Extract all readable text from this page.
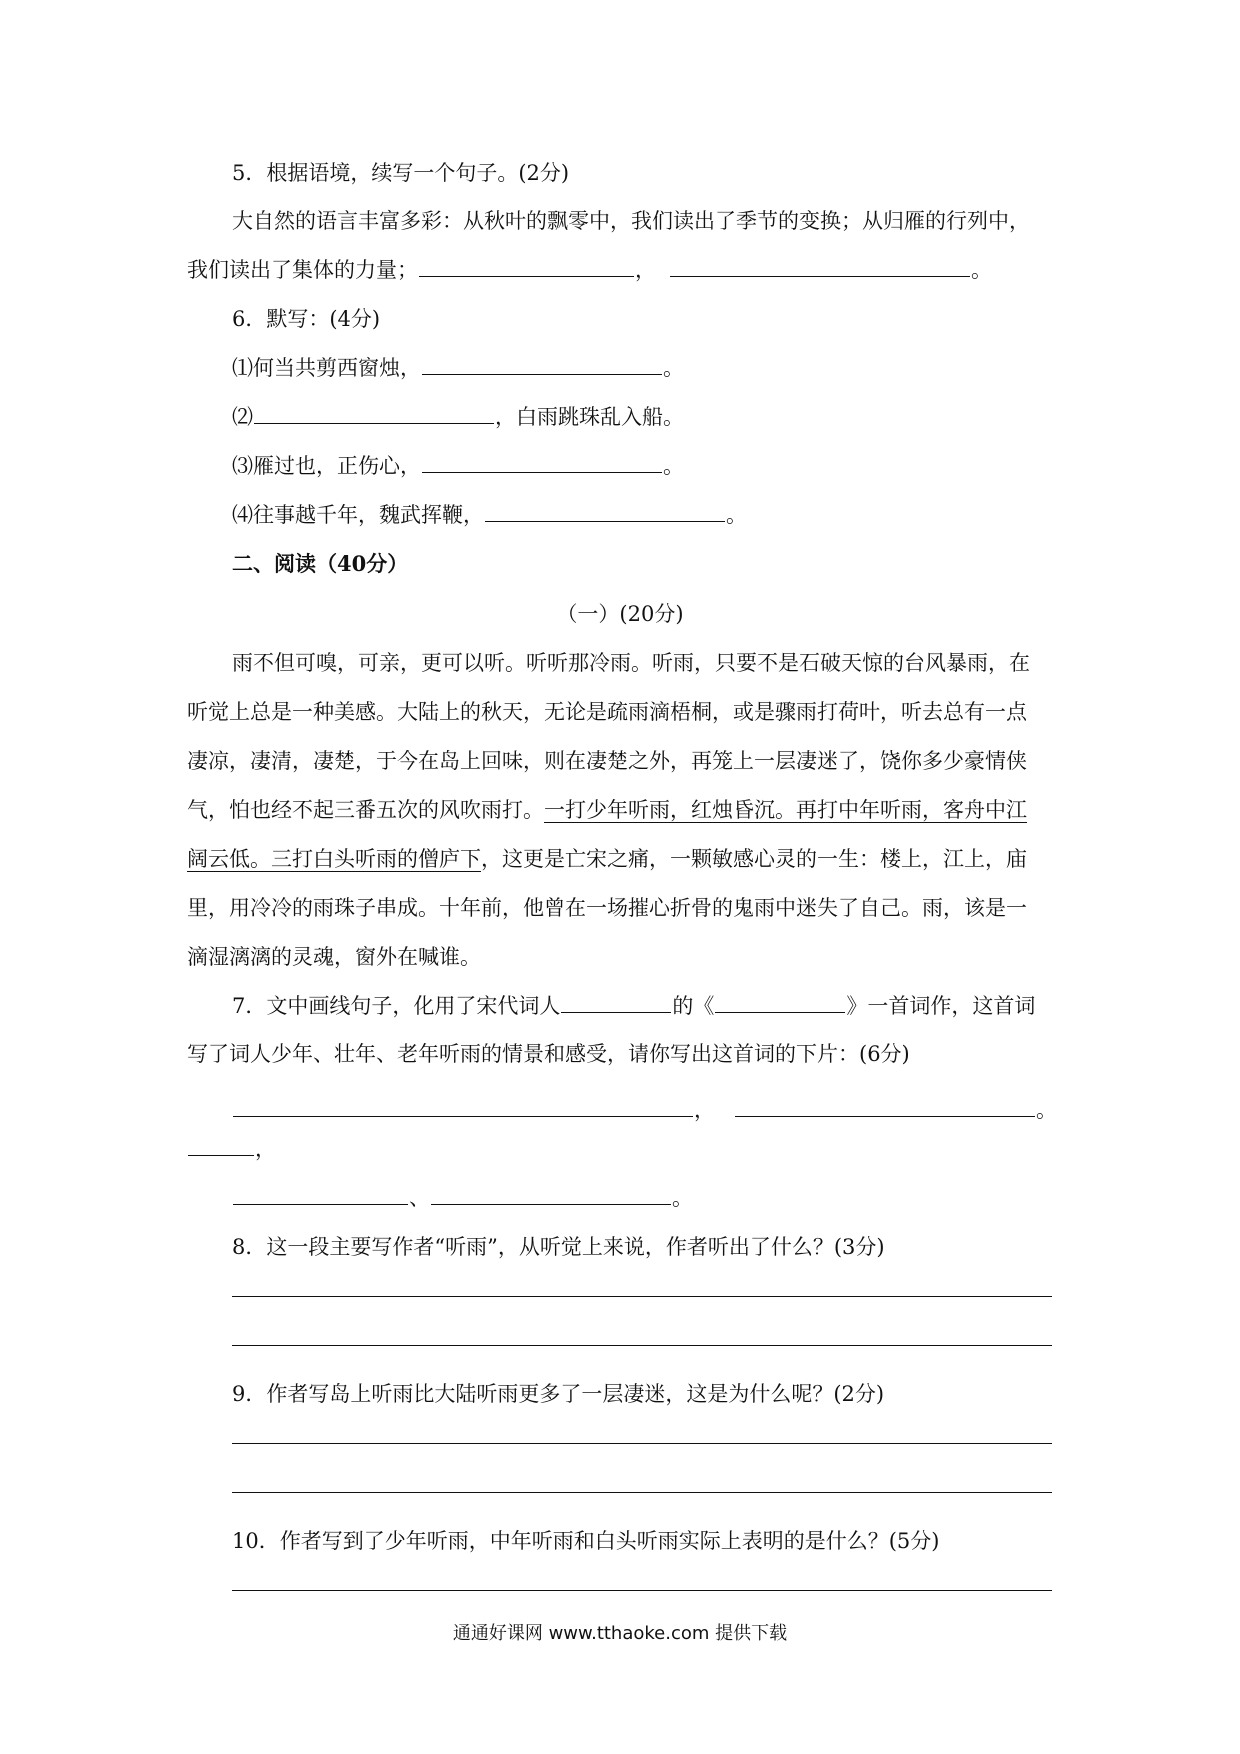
5．根据语境，续写一个句子。(2分)
大自然的语言丰富多彩：从秋叶的飘零中，我们读出了季节的变换；从归雁的行列中，
我们读出了集体的力量；	，	。
6．默写：(4分)
⑴何当共剪西窗烛，	。
⑵	，白雨跳珠乱入船。
⑶雁过也，正伤心，	。
⑷往事越千年，魏武挥鞭，	。
二、阅读（40分）
（一）(20分)
雨不但可嗅，可亲，更可以听。听听那冷雨。听雨，只要不是石破天惊的台风暴雨，在
听觉上总是一种美感。大陆上的秋天，无论是疏雨滴梧桐，或是骤雨打荷叶，听去总有一点
凄凉，凄清，凄楚，于今在岛上回味，则在凄楚之外，再笼上一层凄迷了，饶你多少豪情侠
气，怕也经不起三番五次的风吹雨打。一打少年听雨，红烛昏沉。再打中年听雨，客舟中江
阔云低。三打白头听雨的僧庐下，这更是亡宋之痛，一颗敏感心灵的一生：楼上，江上，庙
里，用冷冷的雨珠子串成。十年前，他曾在一场摧心折骨的鬼雨中迷失了自己。雨，该是一
滴湿漓漓的灵魂，窗外在喊谁。
7．文中画线句子，化用了宋代词人	的《	》一首词作，这首词
写了词人少年、壮年、老年听雨的情景和感受，请你写出这首词的下片：(6分)
，	。
，
、	。
8．这一段主要写作者“听雨”，从听觉上来说，作者听出了什么？(3分)
9．作者写岛上听雨比大陆听雨更多了一层凄迷，这是为什么呢？(2分)
10．作者写到了少年听雨，中年听雨和白头听雨实际上表明的是什么？(5分)
通通好课网 www.tthaoke.com 提供下载
